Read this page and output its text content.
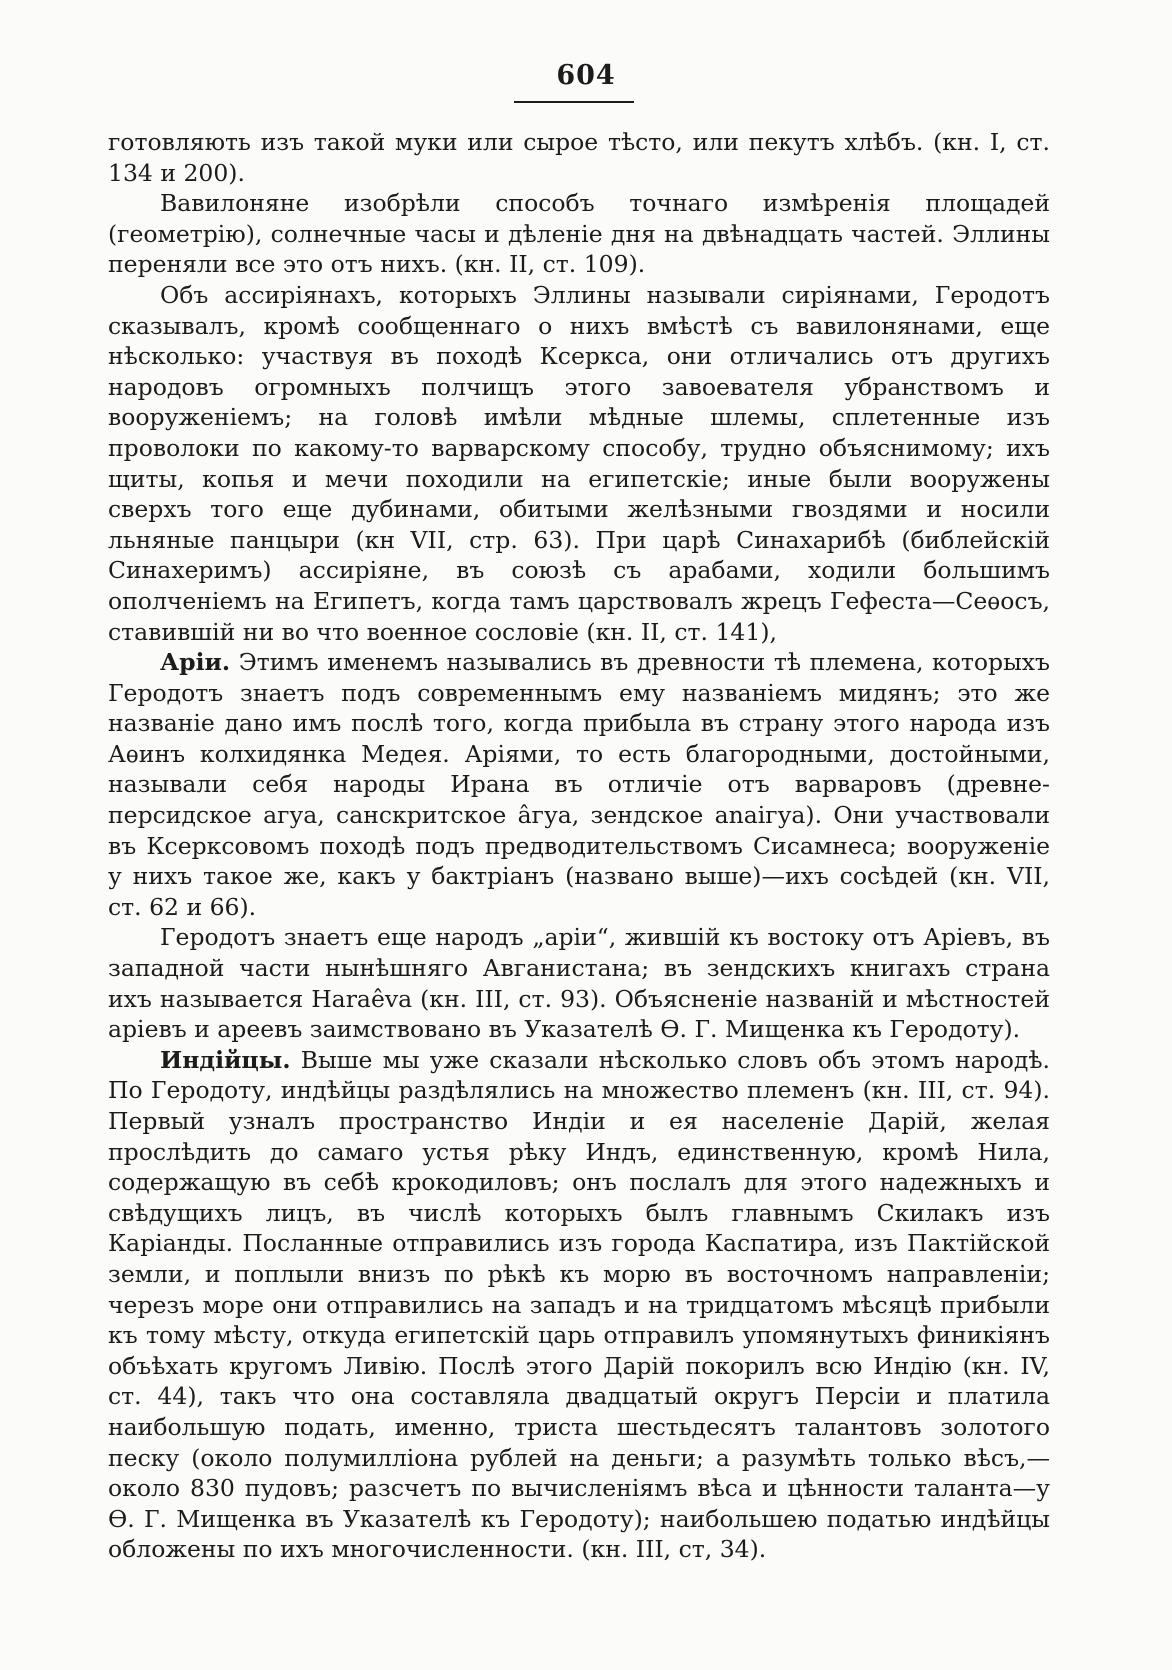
604

готовляють изъ такой муки или сырое тѣсто, или пекутъ хлѣбъ. (кн. I, ст. 134 и 200).

Вавилоняне изобрѣли способъ точнаго измѣренія площадей (геометрію), солнечные часы и дѣленіе дня на двѣнадцать частей. Эллины переняли все это отъ нихъ. (кн. II, ст. 109).

Объ ассиріянахъ, которыхъ Эллины называли сиріянами, Геродотъ сказывалъ, кромѣ сообщеннаго о нихъ вмѣстѣ съ вавилонянами, еще нѣсколько: участвуя въ походѣ Ксеркса, они отличались отъ другихъ народовъ огромныхъ полчищъ этого завоевателя убранствомъ и вооруженіемъ; на головѣ имѣли мѣдные шлемы, сплетенные изъ проволоки по какому-то варварскому способу, трудно объяснимому; ихъ щиты, копья и мечи походили на египетскіе; иные были вооружены сверхъ того еще дубинами, обитыми желѣзными гвоздями и носили льняные панцыри (кн VII, стр. 63). При царѣ Синахарибѣ (библейскій Синахеримъ) ассиріяне, въ союзѣ съ арабами, ходили большимъ ополченіемъ на Египетъ, когда тамъ царствовалъ жрецъ Гефеста—Сеѳосъ, ставившій ни во что военное сословіе (кн. II, ст. 141),

Аріи. Этимъ именемъ назывались въ древности тѣ племена, которыхъ Геродотъ знаетъ подъ современнымъ ему названіемъ мидянъ; это же названіе дано имъ послѣ того, когда прибыла въ страну этого народа изъ Аѳинъ колхидянка Медея. Аріями, то есть благородными, достойными, называли себя народы Ирана въ отличіе отъ варваровъ (древне-персидское агуа, санскритское âгуа, зендское anaiгуа). Они участвовали въ Ксерксовомъ походѣ подъ предводительствомъ Сисамнеса; вооруженіе у нихъ такое же, какъ у бактріанъ (названо выше)—ихъ сосѣдей (кн. VII, ст. 62 и 66).

Геродотъ знаетъ еще народъ „аріи“, жившій къ востоку отъ Аріевъ, въ западной части нынѣшняго Авганистана; въ зендскихъ книгахъ страна ихъ называется Haraêva (кн. III, ст. 93). Объясненіе названій и мѣстностей аріевъ и ареевъ заимствовано въ Указателѣ Ѳ. Г. Мищенка къ Геродоту).

Индійцы. Выше мы уже сказали нѣсколько словъ объ этомъ народѣ. По Геродоту, индѣйцы раздѣлялись на множество племенъ (кн. III, ст. 94). Первый узналъ пространство Индіи и ея населеніе Дарій, желая прослѣдить до самаго устья рѣку Индъ, единственную, кромѣ Нила, содержащую въ себѣ крокодиловъ; онъ послалъ для этого надежныхъ и свѣдущихъ лицъ, въ числѣ которыхъ былъ главнымъ Скилакъ изъ Каріанды. Посланные отправились изъ города Каспатира, изъ Пактійской земли, и поплыли внизъ по рѣкѣ къ морю въ восточномъ направленіи; черезъ море они отправились на западъ и на тридцатомъ мѣсяцѣ прибыли къ тому мѣсту, откуда египетскій царь отправилъ упомянутыхъ финикіянъ объѣхать кругомъ Ливію. Послѣ этого Дарій покорилъ всю Индію (кн. IV, ст. 44), такъ что она составляла двадцатый округъ Персіи и платила наибольшую подать, именно, триста шестьдесятъ талантовъ золотого песку (около полумилліона рублей на деньги; а разумѣть только вѣсъ,—около 830 пудовъ; разсчетъ по вычисленіямъ вѣса и цѣнности таланта—у Ѳ. Г. Мищенка въ Указателѣ къ Геродоту); наибольшею податью индѣйцы обложены по ихъ многочисленности. (кн. III, ст, 34).
